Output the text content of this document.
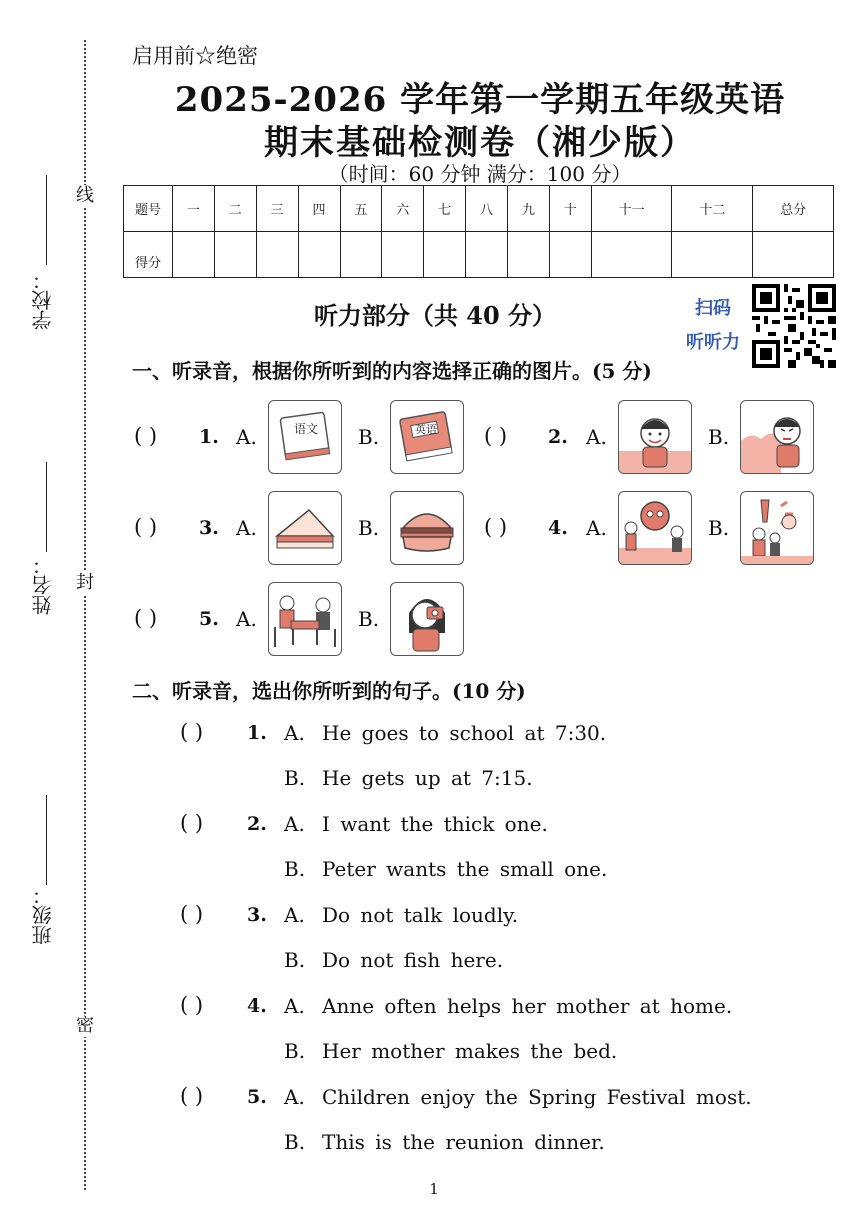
线
封
密
学校：
姓名：
班级：
启用前☆绝密
2025-2026 学年第一学期五年级英语
期末基础检测卷（湘少版）
（时间：60 分钟 满分：100 分）
题号	一	二	三	四	五	六	七	八	九	十	十一	十二	总分
得分													
听力部分（共 40 分）	扫码
听听力
一、听录音，根据你所听到的内容选择正确的图片。(5 分)
( ) 1. A.	语文 B.	英语 ( ) 2. A.	B.
( ) 3. A.	B.	( ) 4. A.	B.
( ) 5. A.	B.
二、听录音，选出你所听到的句子。(10 分)
( ) 1. A. He goes to school at 7:30.
B. He gets up at 7:15.
( ) 2. A. I want the thick one.
B. Peter wants the small one.
( ) 3. A. Do not talk loudly.
B. Do not fish here.
( ) 4. A. Anne often helps her mother at home.
B. Her mother makes the bed.
( ) 5. A. Children enjoy the Spring Festival most.
B. This is the reunion dinner.
1
